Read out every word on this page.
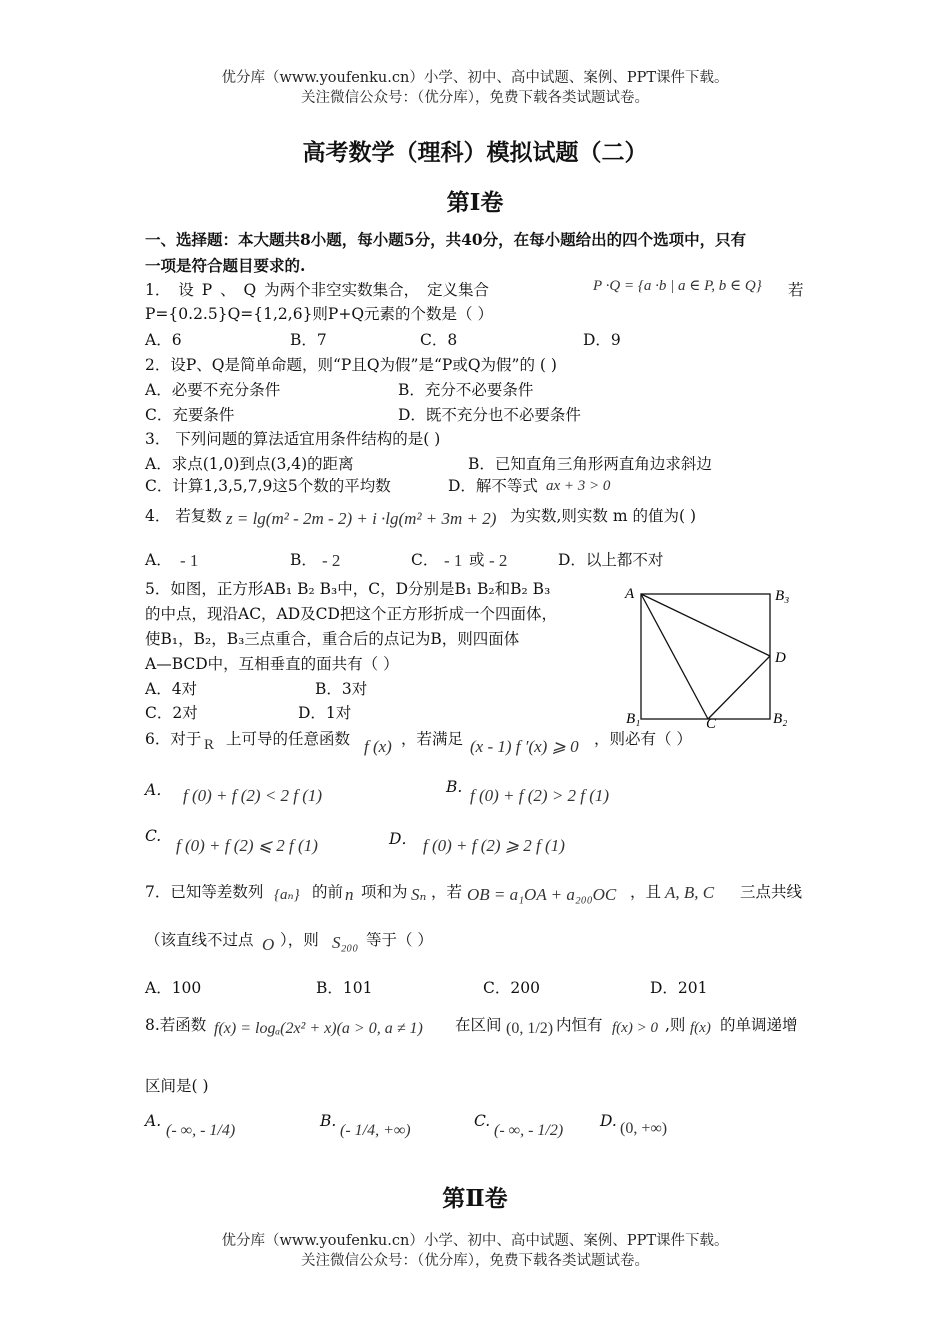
优分库（www.youfenku.cn）小学、初中、高中试题、案例、PPT课件下载。
关注微信公众号：（优分库），免费下载各类试题试卷。
高考数学（理科）模拟试题（二）
第Ⅰ卷
一、选择题：本大题共8小题，每小题5分，共40分，在每小题给出的四个选项中，只有
一项是符合题目要求的.
1． 设 P 、 Q 为两个非空实数集合， 定义集合	P ·Q = {a ·b | a ∈ P, b ∈ Q} 若
P={0.2.5}Q={1,2,6}则P+Q元素的个数是（ ）
A．6	B．7	C．8	D．9
2．设P、Q是简单命题，则“P且Q为假”是“P或Q为假”的 ( )
A．必要不充分条件	B．充分不必要条件
C．充要条件	D．既不充分也不必要条件
3． 下列问题的算法适宜用条件结构的是( )
A．求点(1,0)到点(3,4)的距离	B．已知直角三角形两直角边求斜边
C．计算1,3,5,7,9这5个数的平均数	D．解不等式 ax + 3 > 0
4． 若复数 z = lg(m² - 2m - 2) + i ·lg(m² + 3m + 2) 为实数,则实数 m 的值为( )
A． - 1	B． - 2	C． - 1 或 - 2	D．以上都不对
5．如图，正方形AB₁ B₂ B₃中，C，D分别是B₁ B₂和B₂ B₃
的中点，现沿AC，AD及CD把这个正方形折成一个四面体，
使B₁，B₂，B₃三点重合，重合后的点记为B，则四面体
A—BCD中，互相垂直的面共有（ ）
A．4对	B．3对
C．2对	D．1对
A	B₃
D
B₁	C	B₂
6．对于 R 上可导的任意函数 f (x) ，若满足 (x - 1) f ′(x) ⩾ 0 ，则必有（ ）
A． f (0) + f (2) < 2 f (1)	B. f (0) + f (2) > 2 f (1)
C. f (0) + f (2) ⩽ 2 f (1)	D． f (0) + f (2) ⩾ 2 f (1)
7．已知等差数列 {aₙ} 的前 n 项和为 Sₙ ，若 OB = a₁OA + a₂₀₀OC ，且 A, B, C 三点共线
（该直线不过点 O ），则 S₂₀₀ 等于（ ）
A．100	B．101	C．200	D．201
8.若函数 f(x) = logₐ(2x² + x)(a > 0, a ≠ 1) 在区间 (0, 1/2) 内恒有 f(x) > 0 ,则 f(x) 的单调递增
区间是( )
A.
(- ∞, - 1/4)
B.
(- 1/4, +∞)
C.
(- ∞, - 1/2)
D. (0, +∞)
第Ⅱ卷
优分库（www.youfenku.cn）小学、初中、高中试题、案例、PPT课件下载。
关注微信公众号：（优分库），免费下载各类试题试卷。
